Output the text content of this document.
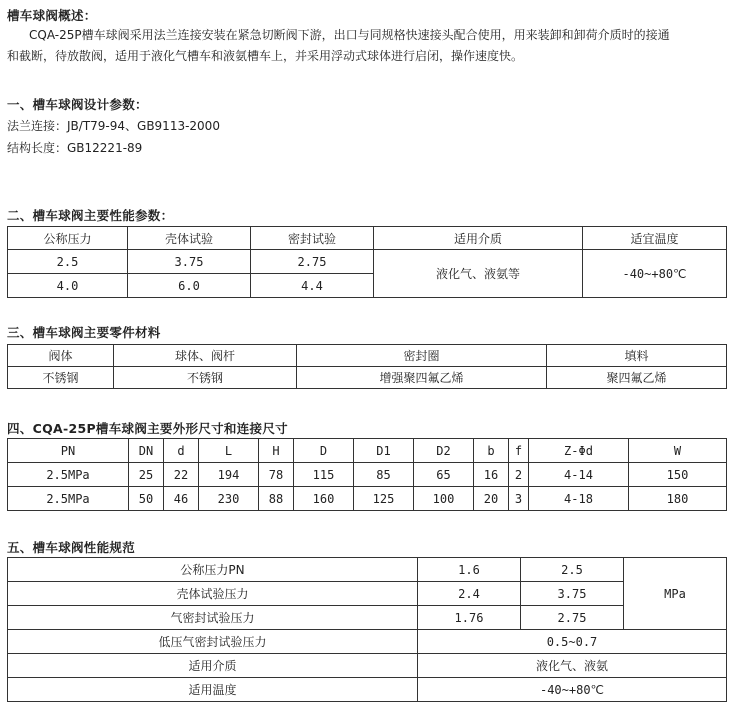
槽车球阀概述：
CQA-25P槽车球阀采用法兰连接安装在紧急切断阀下游，出口与同规格快速接头配合使用，用来装卸和卸荷介质时的接通
和截断，待放散阀，适用于液化气槽车和液氨槽车上，并采用浮动式球体进行启闭，操作速度快。
一、槽车球阀设计参数：
法兰连接：JB/T79-94、GB9113-2000
结构长度：GB12221-89
二、槽车球阀主要性能参数：
公称压力	壳体试验	密封试验	适用介质	适宜温度
2.5	3.75	2.75	液化气、液氨等	-40~+80℃
4.0	6.0	4.4		
三、槽车球阀主要零件材料
阀体	球体、阀杆	密封圈	填料
不锈钢	不锈钢	增强聚四氟乙烯	聚四氟乙烯
四、CQA-25P槽车球阀主要外形尺寸和连接尺寸
PN	DN	d	L	H	D	D1	D2	b	f	Z-Φd	W
2.5MPa	25	22	194	78	115	85	65	16	2	4-14	150
2.5MPa	50	46	230	88	160	125	100	20	3	4-18	180
五、槽车球阀性能规范
公称压力PN	1.6	2.5	MPa
壳体试验压力	2.4	3.75	
气密封试验压力	1.76	2.75	
低压气密封试验压力	0.5~0.7		
适用介质	液化气、液氨		
适用温度	-40~+80℃		
